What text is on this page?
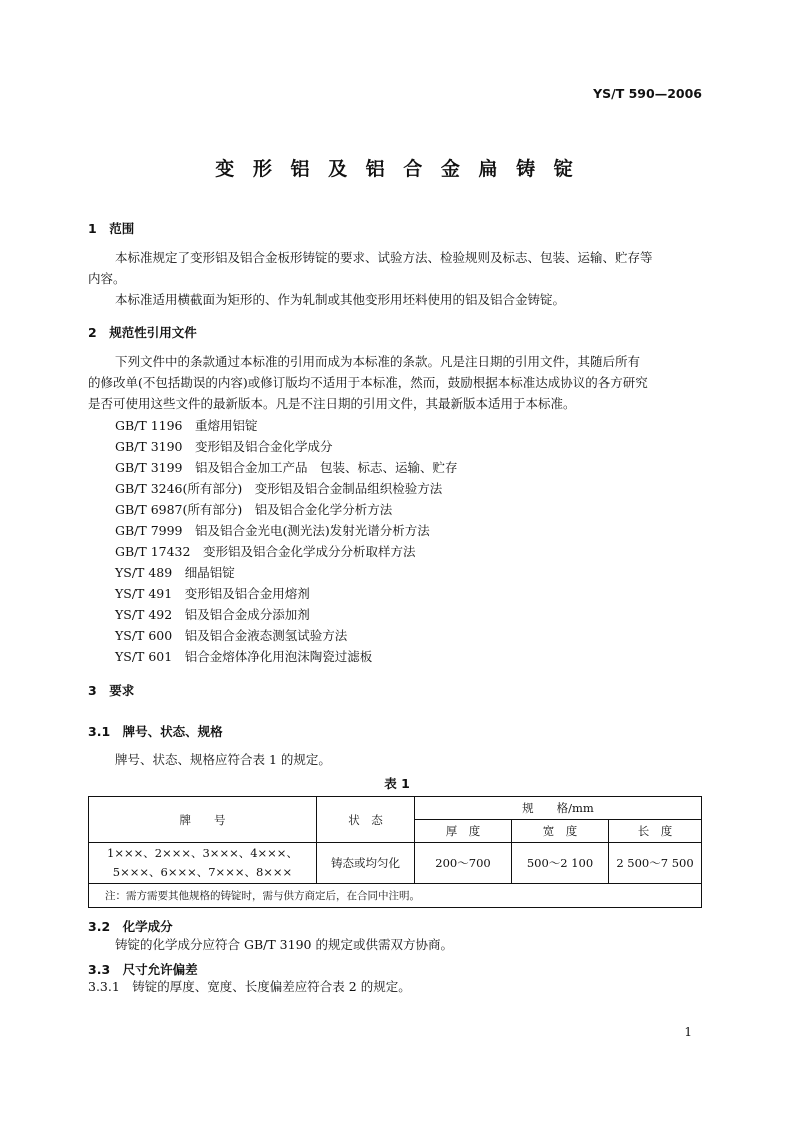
YS/T 590—2006
变 形 铝 及 铝 合 金 扁 铸 锭
1　范围
本标准规定了变形铝及铝合金板形铸锭的要求、试验方法、检验规则及标志、包装、运输、贮存等
内容。
本标准适用横截面为矩形的、作为轧制或其他变形用坯料使用的铝及铝合金铸锭。
2　规范性引用文件
下列文件中的条款通过本标准的引用而成为本标准的条款。凡是注日期的引用文件，其随后所有
的修改单(不包括勘误的内容)或修订版均不适用于本标准，然而，鼓励根据本标准达成协议的各方研究
是否可使用这些文件的最新版本。凡是不注日期的引用文件，其最新版本适用于本标准。
GB/T 1196　重熔用铝锭
GB/T 3190　变形铝及铝合金化学成分
GB/T 3199　铝及铝合金加工产品　包装、标志、运输、贮存
GB/T 3246(所有部分)　变形铝及铝合金制品组织检验方法
GB/T 6987(所有部分)　铝及铝合金化学分析方法
GB/T 7999　铝及铝合金光电(测光法)发射光谱分析方法
GB/T 17432　变形铝及铝合金化学成分分析取样方法
YS/T 489　细晶铝锭
YS/T 491　变形铝及铝合金用熔剂
YS/T 492　铝及铝合金成分添加剂
YS/T 600　铝及铝合金液态测氢试验方法
YS/T 601　铝合金熔体净化用泡沫陶瓷过滤板
3　要求
3.1　牌号、状态、规格
牌号、状态、规格应符合表 1 的规定。
表 1
牌　　号	状　态	规　　格/mm		
		厚　度	宽　度	长　度

1×××、2×××、3×××、4×××、
5×××、6×××、7×××、8×××	铸态或均匀化	200～700	500～2 100	2 500～7 500
注：需方需要其他规格的铸锭时，需与供方商定后，在合同中注明。				
3.2　化学成分
铸锭的化学成分应符合 GB/T 3190 的规定或供需双方协商。
3.3　尺寸允许偏差
3.3.1　铸锭的厚度、宽度、长度偏差应符合表 2 的规定。
1
